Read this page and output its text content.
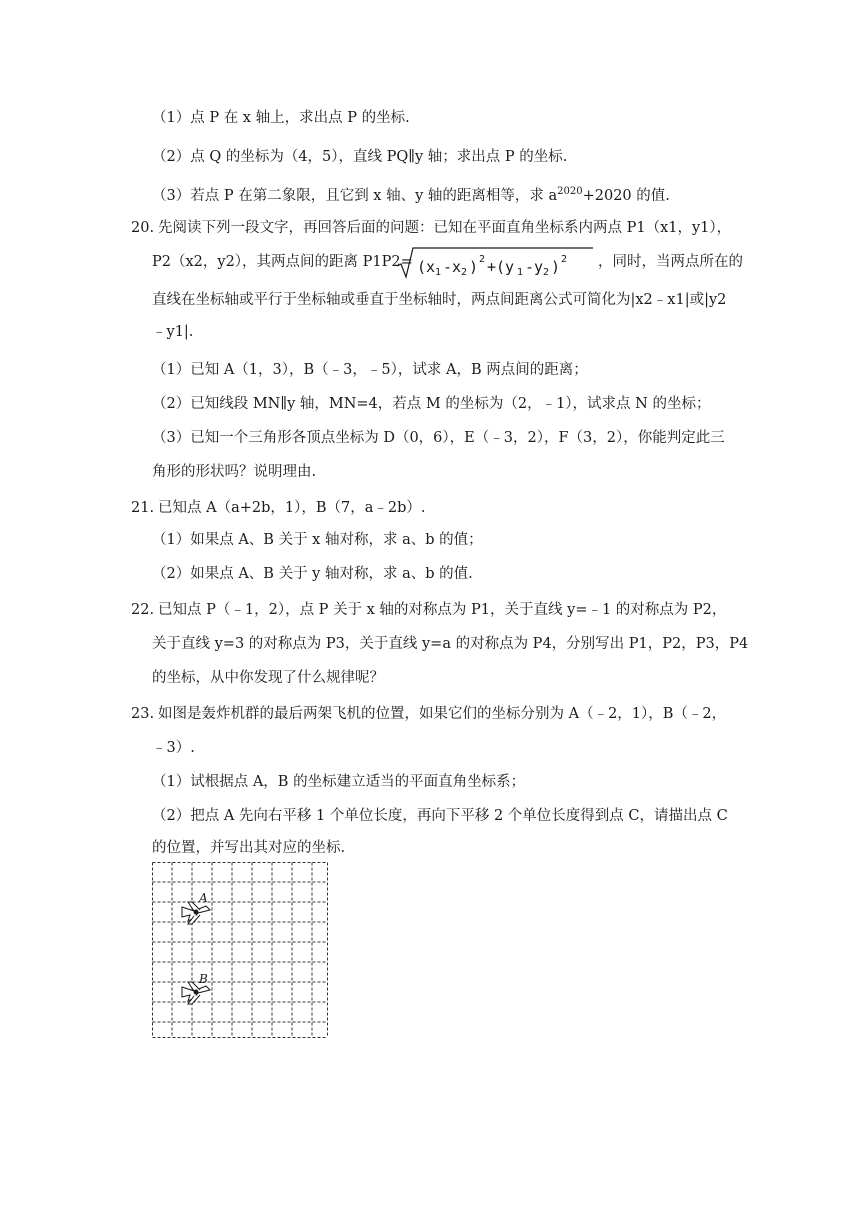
（1）点 P 在 x 轴上，求出点 P 的坐标.
（2）点 Q 的坐标为（4，5），直线 PQ∥y 轴；求出点 P 的坐标.
（3）若点 P 在第二象限，且它到 x 轴、y 轴的距离相等，求 $a^{2020}+2020$ 的值.
20. 先阅读下列一段文字，再回答后面的问题：已知在平面直角坐标系内两点 P1（x1，y1），
P2（x2，y2），其两点间的距离 P1P2= (x 1 -x 2 ) 2 +(y 1 -y 2 ) 2 ，同时，当两点所在的
直线在坐标轴或平行于坐标轴或垂直于坐标轴时，两点间距离公式可简化为|x2﹣x1|或|y2
﹣y1|.
（1）已知 A（1，3），B（﹣3，﹣5），试求 A，B 两点间的距离；
（2）已知线段 MN∥y 轴，MN=4，若点 M 的坐标为（2，﹣1），试求点 N 的坐标；
（3）已知一个三角形各顶点坐标为 D（0，6），E（﹣3，2），F（3，2），你能判定此三
角形的形状吗？说明理由.
21. 已知点 A（a+2b，1），B（7，a﹣2b）.
（1）如果点 A、B 关于 x 轴对称，求 a、b 的值；
（2）如果点 A、B 关于 y 轴对称，求 a、b 的值.
22. 已知点 P（﹣1，2），点 P 关于 x 轴的对称点为 P1，关于直线 y=﹣1 的对称点为 P2，
关于直线 y=3 的对称点为 P3，关于直线 y=a 的对称点为 P4，分别写出 P1，P2，P3，P4
的坐标，从中你发现了什么规律呢？
23. 如图是轰炸机群的最后两架飞机的位置，如果它们的坐标分别为 A（﹣2，1），B（﹣2，
﹣3）.
（1）试根据点 A，B 的坐标建立适当的平面直角坐标系；
（2）把点 A 先向右平移 1 个单位长度，再向下平移 2 个单位长度得到点 C，请描出点 C
的位置，并写出其对应的坐标.
A
B
